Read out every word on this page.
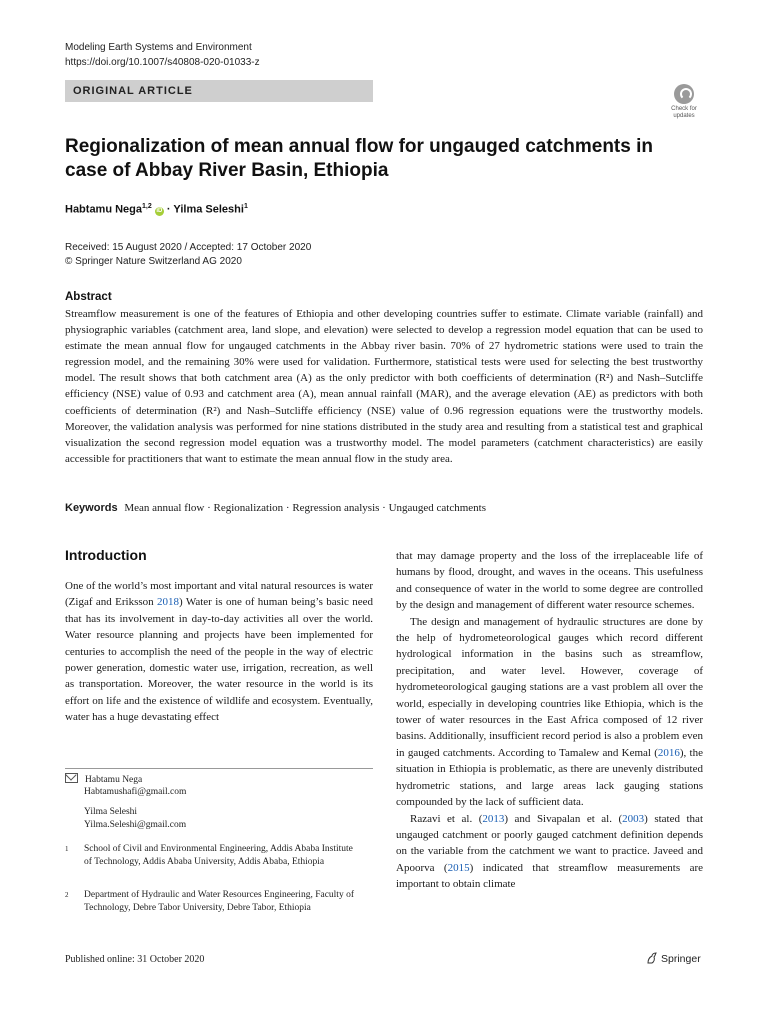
Modeling Earth Systems and Environment
https://doi.org/10.1007/s40808-020-01033-z
ORIGINAL ARTICLE
Check for updates
Regionalization of mean annual flow for ungauged catchments in case of Abbay River Basin, Ethiopia
Habtamu Nega$^{1,2}$ iD · Yilma Seleshi$^1$
Received: 15 August 2020 / Accepted: 17 October 2020
© Springer Nature Switzerland AG 2020
Abstract
Streamflow measurement is one of the features of Ethiopia and other developing countries suffer to estimate. Climate variable (rainfall) and physiographic variables (catchment area, land slope, and elevation) were selected to develop a regression model equation that can be used to estimate the mean annual flow for ungauged catchments in the Abbay river basin. 70% of 27 hydrometric stations were used to train the regression model, and the remaining 30% were used for validation. Furthermore, statistical tests were used for selecting the best trustworthy model. The result shows that both catchment area (A) as the only predictor with both coefficients of determination (R²) and Nash–Sutcliffe efficiency (NSE) value of 0.93 and catchment area (A), mean annual rainfall (MAR), and the average elevation (AE) as predictors with both coefficients of determination (R²) and Nash–Sutcliffe efficiency (NSE) value of 0.96 regression equations were the trustworthy models. Moreover, the validation analysis was performed for nine stations distributed in the study area and resulting from a statistical test and graphical visualization the second regression model equation was a trustworthy model. The model parameters (catchment characteristics) are easily accessible for practitioners that want to estimate the mean annual flow in the study area.
Keywords Mean annual flow · Regionalization · Regression analysis · Ungauged catchments
Introduction

One of the world’s most important and vital natural resources is water (Zigaf and Eriksson 2018) Water is one of human being’s basic need that has its involvement in day-to-day activities all over the world. Water resource planning and projects have been implemented for centuries to accomplish the need of the people in the way of electric power generation, domestic water use, irrigation, recreation, as well as transportation. Moreover, the water resource in the world is its effort on life and the existence of wildlife and ecosystem. Eventually, water has a huge devastating effect

that may damage property and the loss of the irreplaceable life of humans by flood, drought, and waves in the oceans. This usefulness and consequence of water in the world to some degree are controlled by the design and management of different water resource schemes.

The design and management of hydraulic structures are done by the help of hydrometeorological gauges which record different hydrological information in the basins such as streamflow, precipitation, and water level. However, coverage of hydrometeorological gauging stations are a vast problem all over the world, especially in developing countries like Ethiopia, which is the tower of water resources in the East Africa composed of 12 river basins. Additionally, insufficient record period is also a problem even in gauged catchments. According to Tamalew and Kemal (2016), the situation in Ethiopia is problematic, as there are unevenly distributed hydrometric stations, and large areas lack gauging stations compounded by the lack of sufficient data.

Razavi et al. (2013) and Sivapalan et al. (2003) stated that ungauged catchment or poorly gauged catchment definition depends on the variable from the catchment we want to practice. Javeed and Apoorva (2015) indicated that streamflow measurements are important to obtain climate

Habtamu Nega
Habtamushafi@gmail.com
Yilma Seleshi
Yilma.Seleshi@gmail.com
1 School of Civil and Environmental Engineering, Addis Ababa Institute of Technology, Addis Ababa University, Addis Ababa, Ethiopia
2 Department of Hydraulic and Water Resources Engineering, Faculty of Technology, Debre Tabor University, Debre Tabor, Ethiopia
Published online: 31 October 2020	Springer
